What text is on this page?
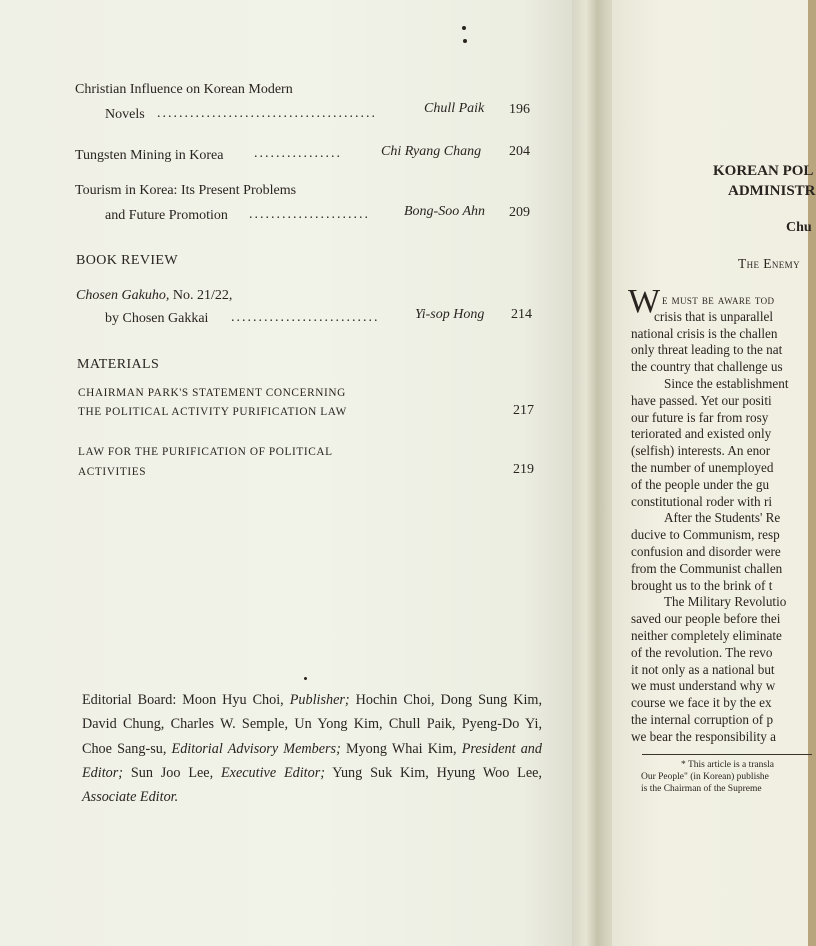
Christian Influence on Korean Modern
Novels ........................................	Chull Paik 196
Tungsten Mining in Korea ................	Chi Ryang Chang 204
Tourism in Korea: Its Present Problems
and Future Promotion ...................... Bong-Soo Ahn 209
BOOK REVIEW
Chosen Gakuho, No. 21/22,
by Chosen Gakkai ...........................	Yi-sop Hong 214
MATERIALS
CHAIRMAN PARK'S STATEMENT CONCERNING
THE POLITICAL ACTIVITY PURIFICATION LAW	217
LAW FOR THE PURIFICATION OF POLITICAL
ACTIVITIES	219
Editorial Board: Moon Hyu Choi, Publisher; Hochin Choi, Dong Sung Kim, David Chung, Charles W. Semple, Un Yong Kim, Chull Paik, Pyeng-Do Yi, Choe Sang-su, Editorial Advisory Members; Myong Whai Kim, President and Editor; Sun Joo Lee, Executive Editor; Yung Suk Kim, Hyung Woo Lee, Associate Editor.
KOREAN POL
ADMINISTR
Chu
The Enemy
W e must be aware tod
crisis that is unparallel
national crisis is the challen
only threat leading to the nat
the country that challenge us
Since the establishment
have passed. Yet our positi
our future is far from rosy
teriorated and existed only
(selfish) interests. An enor
the number of unemployed
of the people under the gu
constitutional roder with ri
After the Students' Re
ducive to Communism, resp
confusion and disorder were
from the Communist challen
brought us to the brink of t
The Military Revolutio
saved our people before thei
neither completely eliminate
of the revolution. The revo
it not only as a national but
we must understand why w
course we face it by the ex
the internal corruption of p
we bear the responsibility a
* This article is a transla
Our People" (in Korean) publishe
is the Chairman of the Supreme
